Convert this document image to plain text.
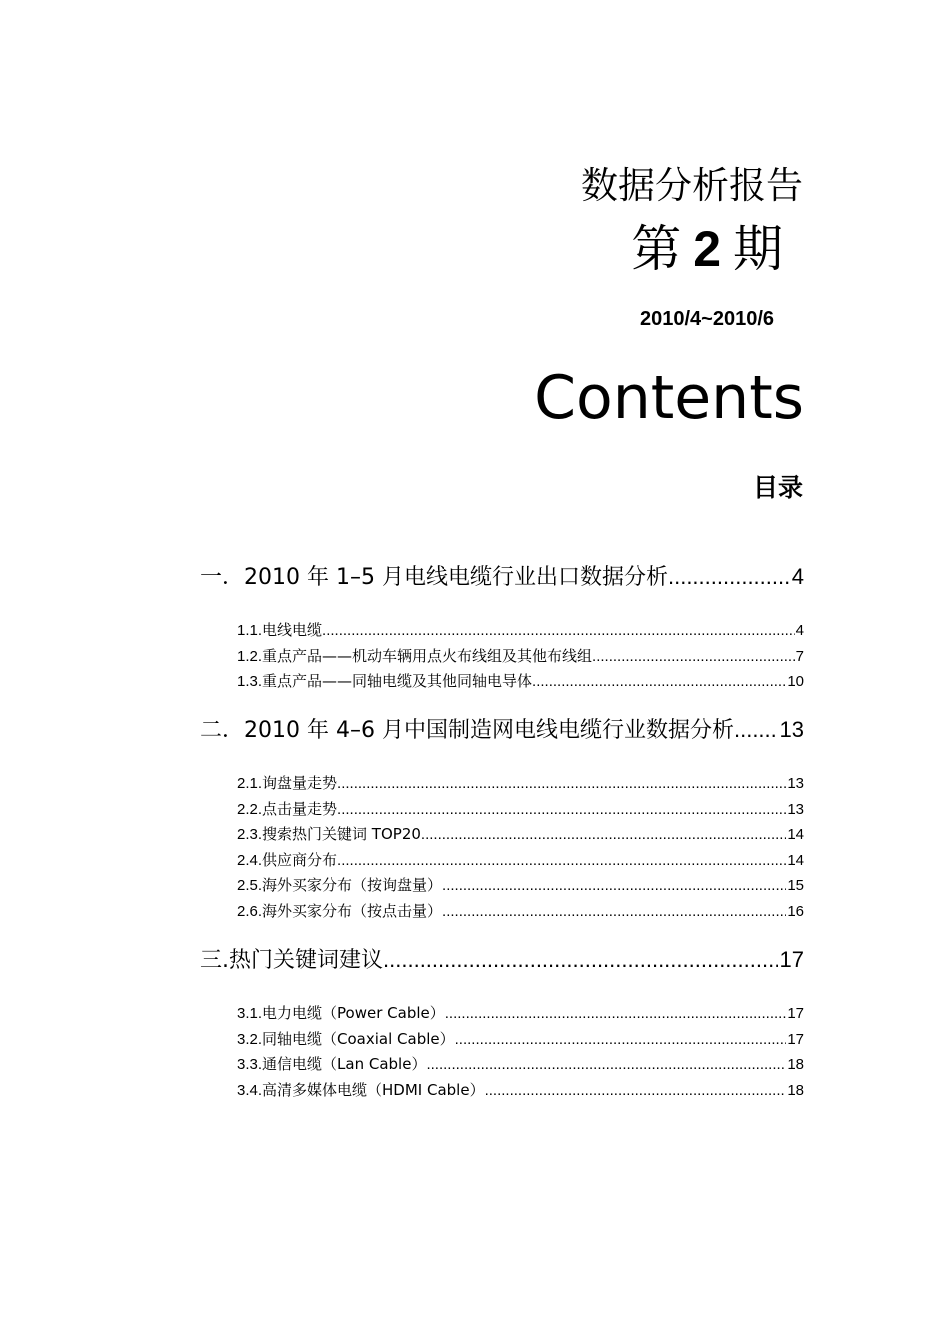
数据分析报告
第 2 期
2010/4~2010/6
Contents
目录
一． 2010 年 1–5 月电线电缆行业出口数据分析 .....	4
1.1. 电线电缆 .....	4
1.2. 重点产品——机动车辆用点火布线组及其他布线组 .....	7
1.3. 重点产品——同轴电缆及其他同轴电导体 .....	10
二． 2010 年 4–6 月中国制造网电线电缆行业数据分析 ..... 13
2.1. 询盘量走势 .....	13
2.2. 点击量走势 .....	13
2.3. 搜索热门关键词 TOP20 .....	14
2.4. 供应商分布 .....	14
2.5. 海外买家分布（按询盘量） .....	15
2.6. 海外买家分布（按点击量） .....	16
三. 热门关键词建议 .....	17
3.1. 电力电缆（Power Cable） .....	17
3.2. 同轴电缆（Coaxial Cable） .....	17
3.3. 通信电缆（Lan Cable） .....	18
3.4. 高清多媒体电缆（HDMI Cable） .....	18
